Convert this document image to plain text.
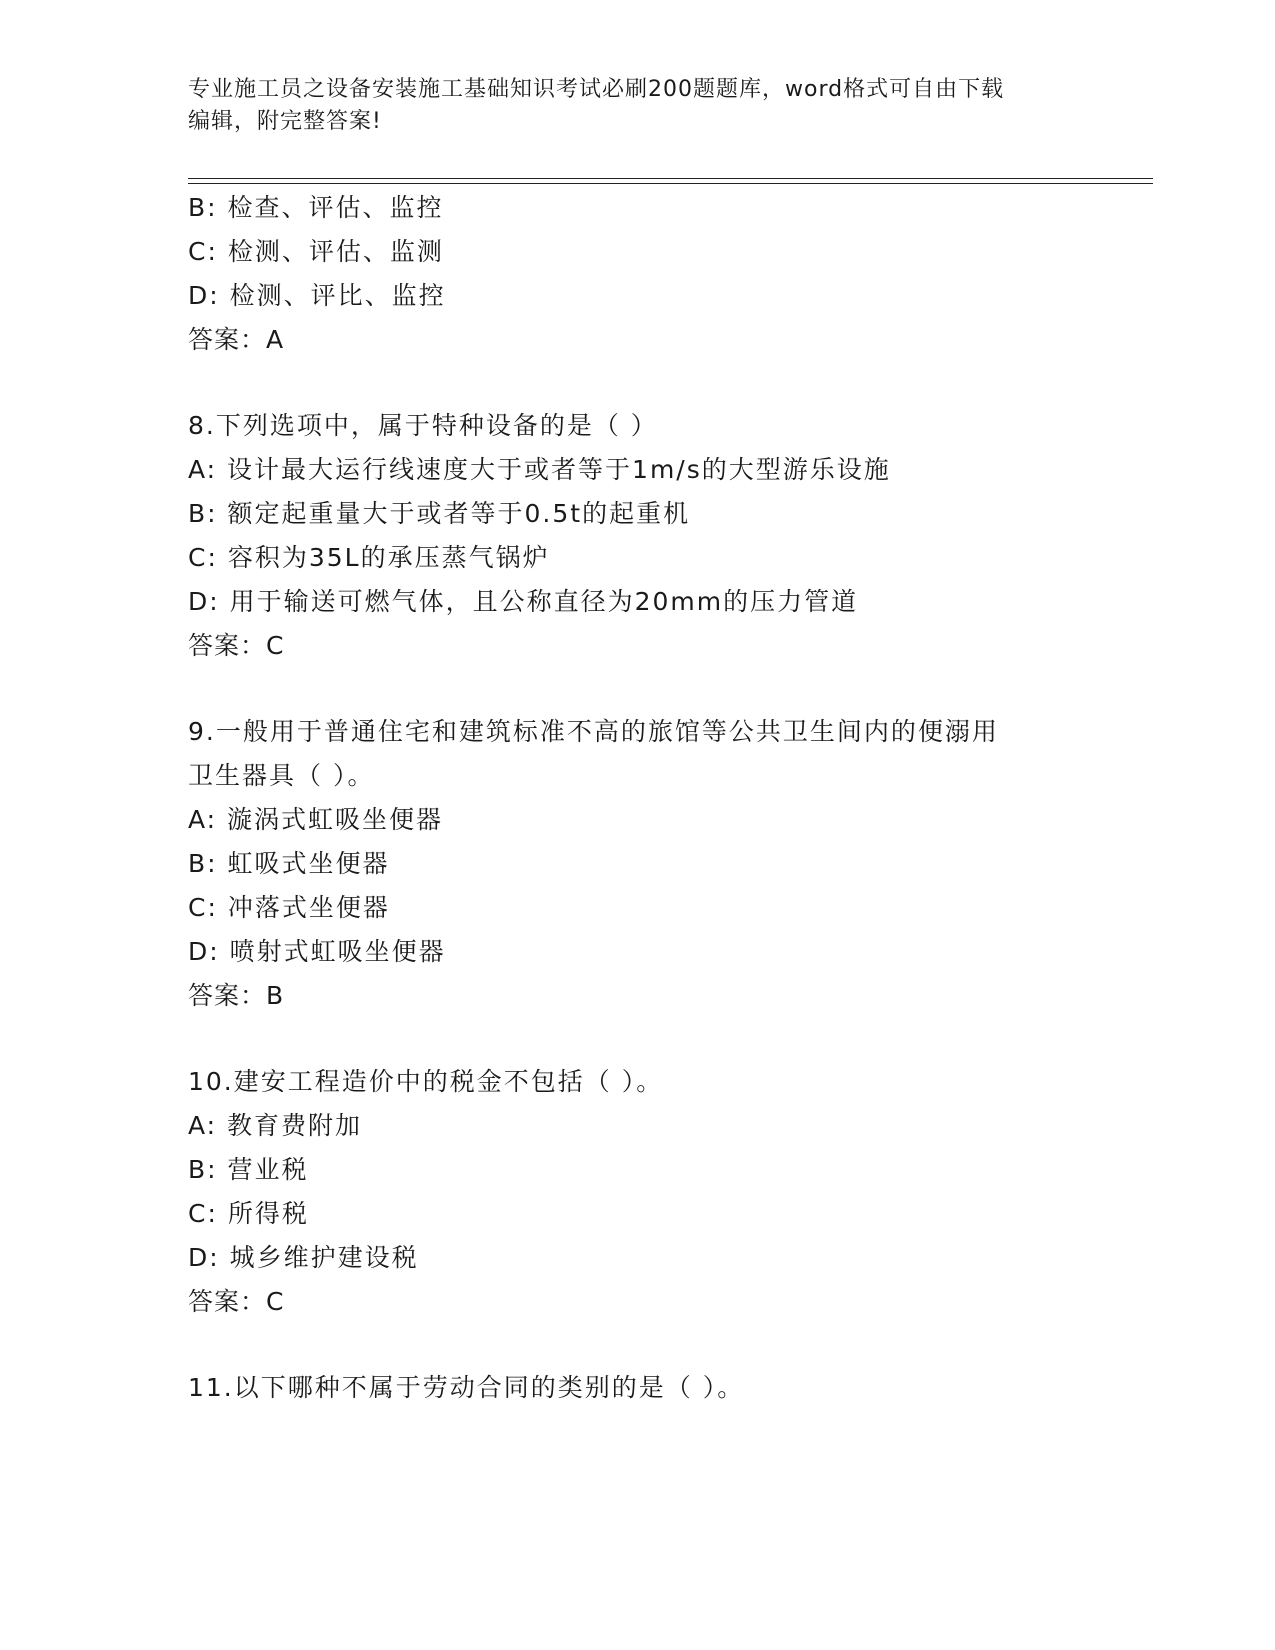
专业施工员之设备安装施工基础知识考试必刷200题题库，word格式可自由下载
编辑，附完整答案!
B: 检查、评估、监控
C: 检测、评估、监测
D: 检测、评比、监控
答案：A
8.下列选项中，属于特种设备的是（ ）
A: 设计最大运行线速度大于或者等于1m/s的大型游乐设施
B: 额定起重量大于或者等于0.5t的起重机
C: 容积为35L的承压蒸气锅炉
D: 用于输送可燃气体，且公称直径为20mm的压力管道
答案：C
9.一般用于普通住宅和建筑标准不高的旅馆等公共卫生间内的便溺用
卫生器具（ ）。
A: 漩涡式虹吸坐便器
B: 虹吸式坐便器
C: 冲落式坐便器
D: 喷射式虹吸坐便器
答案：B
10.建安工程造价中的税金不包括（ ）。
A: 教育费附加
B: 营业税
C: 所得税
D: 城乡维护建设税
答案：C
11.以下哪种不属于劳动合同的类别的是（ ）。
